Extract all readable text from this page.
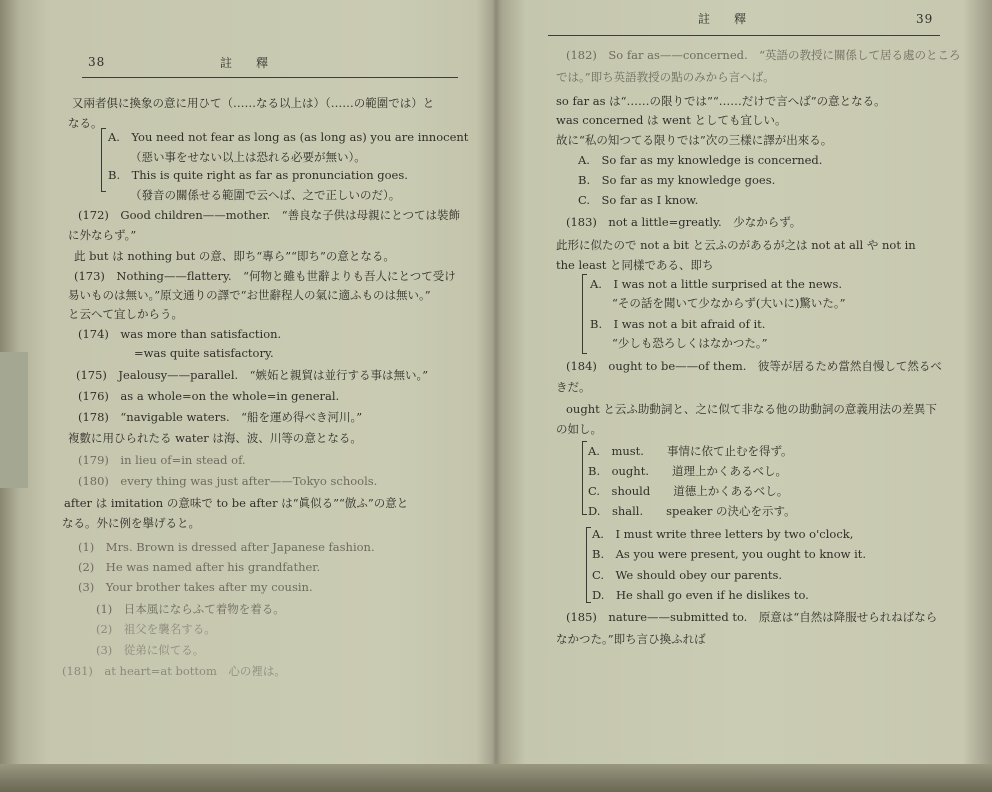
38	註　釋
又兩者俱に換象の意に用ひて（……なる以上は）（……の範圍では）と
なる。
A.　You need not fear as long as (as long as) you are innocent
（惡い事をせない以上は恐れる必要が無い）。
B.　This is quite right as far as pronunciation goes.
（發音の關係せる範圍で云へば、之で正しいのだ）。
(172)　Good children——mother.　“善良な子供は母親にとつては裝飾
に外ならず。”
此 but は nothing but の意、即ち“專ら”“即ち”の意となる。
(173)　Nothing——flattery.　“何物と雖も世辭よりも吾人にとつて受け
易いものは無い。”原文通りの譯で“お世辭程人の氣に適ふものは無い。”
と云へて宜しからう。
(174)　was more than satisfaction.
=was quite satisfactory.
(175)　Jealousy——parallel.　“嫉妬と親貿は並行する事は無い。”
(176)　as a whole=on the whole=in general.
(178)　“navigable waters.　“船を運め得べき河川。”
複數に用ひられたる water は海、波、川等の意となる。
(179)　in lieu of=in stead of.
(180)　every thing was just after——Tokyo schools.
after は imitation の意味で to be after は“眞似る”“倣ふ”の意と
なる。外に例を擧げると。
(1)　Mrs. Brown is dressed after Japanese fashion.
(2)　He was named after his grandfather.
(3)　Your brother takes after my cousin.
(1)　日本風にならふて着物を着る。
(2)　祖父を襲名する。
(3)　從弟に似てる。
(181)　at heart=at bottom　心の裡は。
註　釋	39
(182)　So far as——concerned.　“英語の教授に關係して居る處のところ
では。”即ち英語教授の點のみから言へば。
so far as は“……の限りでは”“……だけで言へば”の意となる。
was concerned は went としても宜しい。
故に“私の知つてる限りでは”次の三樣に譯が出來る。
A.　So far as my knowledge is concerned.
B.　So far as my knowledge goes.
C.　So far as I know.
(183)　not a little=greatly.　少なからず。
此形に似たので not a bit と云ふのがあるが之は not at all や not in
the least と同樣である、即ち
A.　I was not a little surprised at the news.
“その話を聞いて少なからず(大いに)驚いた。”
B.　I was not a bit afraid of it.
“少しも恐ろしくはなかつた。”
(184)　ought to be——of them.　彼等が居るため當然自慢して然るべ
きだ。
ought と云ふ助動詞と、之に似て非なる他の助動詞の意義用法の差異下
の如し。
A.　must.　　事情に依て止むを得ず。
B.　ought.　　道理上かくあるべし。
C.　should　　道德上かくあるべし。
D.　shall.　　speaker の決心を示す。
A.　I must write three letters by two o'clock,
B.　As you were present, you ought to know it.
C.　We should obey our parents.
D.　He shall go even if he dislikes to.
(185)　nature——submitted to.　原意は“自然は降服せられねばなら
なかつた。”即ち言ひ換ふれば
